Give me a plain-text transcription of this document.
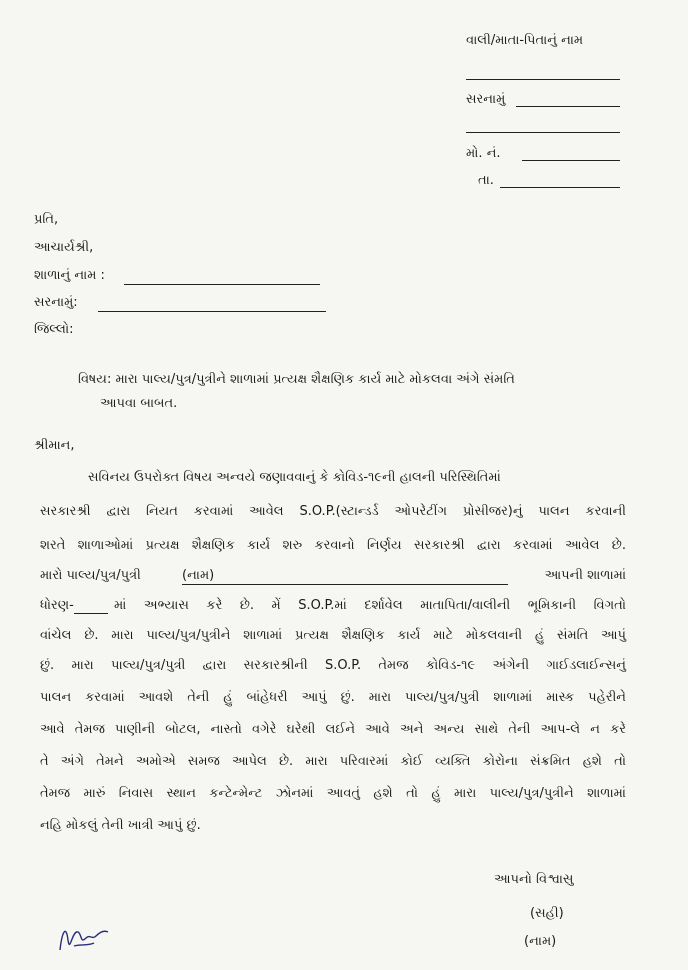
વાલી/માતા-પિતાનું નામ
સરનામું
મો. નં.
તા.
પ્રતિ,
આચાર્યશ્રી,
શાળાનું નામ :
સરનામું:
જિલ્લો:
વિષય: મારા પાલ્ય/પુત્ર/પુત્રીને શાળામાં પ્રત્યક્ષ શૈક્ષણિક કાર્ય માટે મોકલવા અંગે સંમતિ
આપવા બાબત.
શ્રીમાન,
સવિનય ઉપરોક્ત વિષય અન્વયે જણાવવાનું કે કોવિડ-૧૯ની હાલની પરિસ્થિતિમાં
સરકારશ્રી દ્વારા નિયત કરવામાં આવેલ S.O.P.(સ્ટાન્ડર્ડ ઓપરેટીંગ પ્રોસીજર)નું પાલન કરવાની
શરતે શાળાઓમાં પ્રત્યક્ષ શૈક્ષણિક કાર્ય શરુ કરવાનો નિર્ણય સરકારશ્રી દ્વારા કરવામાં આવેલ છે.
મારો પાલ્ય/પુત્ર/પુત્રી	(નામ)	આપની શાળામાં
ધોરણ-	માં અભ્યાસ કરે છે. મેં S.O.P.માં દર્શાવેલ માતાપિતા/વાલીની ભૂમિકાની વિગતો
વાંચેલ છે. મારા પાલ્ય/પુત્ર/પુત્રીને શાળામાં પ્રત્યક્ષ શૈક્ષણિક કાર્ય માટે મોકલવાની હું સંમતિ આપું
છું. મારા પાલ્ય/પુત્ર/પુત્રી દ્વારા સરકારશ્રીની S.O.P. તેમજ કોવિડ-૧૯ અંગેની ગાઈડલાઈન્સનું
પાલન કરવામાં આવશે તેની હું બાંહેધરી આપું છું. મારા પાલ્ય/પુત્ર/પુત્રી શાળામાં માસ્ક પહેરીને
આવે તેમજ પાણીની બોટલ, નાસ્તો વગેરે ઘરેથી લઈને આવે અને અન્ય સાથે તેની આપ-લે ન કરે
તે અંગે તેમને અમોએ સમજ આપેલ છે. મારા પરિવારમાં કોઈ વ્યક્તિ કોરોના સંક્રમિત હશે તો
તેમજ મારું નિવાસ સ્થાન કન્ટેન્મેન્ટ ઝોનમાં આવતું હશે તો હું મારા પાલ્ય/પુત્ર/પુત્રીને શાળામાં
નહિ મોકલું તેની ખાત્રી આપું છું.
આપનો વિશ્વાસુ
(સહી)
(નામ)
